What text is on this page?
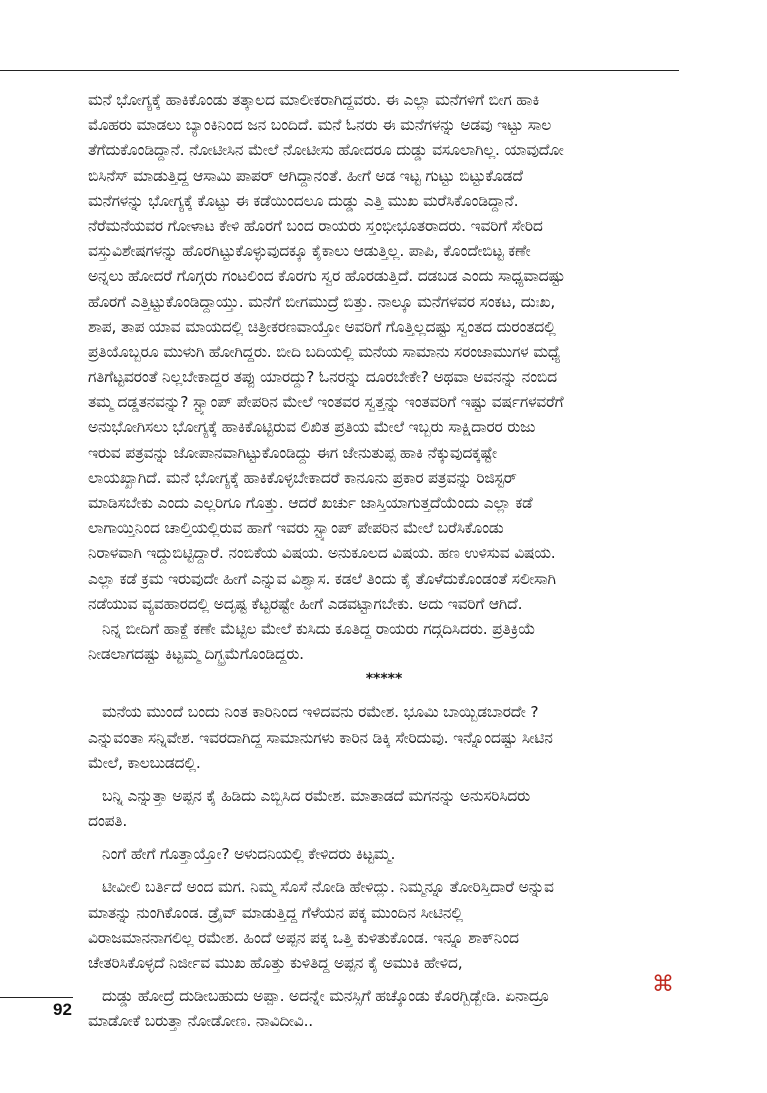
ಮನೆ ಭೋಗ್ಯಕ್ಕೆ ಹಾಕಿಕೊಂಡು ತತ್ಕಾಲದ ಮಾಲೀಕರಾಗಿದ್ದವರು. ಈ ಎಲ್ಲಾ ಮನೆಗಳಿಗೆ ಬೀಗ ಹಾಕಿ
ಮೊಹರು ಮಾಡಲು ಬ್ಯಾಂಕಿನಿಂದ ಜನ ಬಂದಿದೆ. ಮನೆ ಓನರು ಈ ಮನೆಗಳನ್ನು ಅಡವು ಇಟ್ಟು ಸಾಲ
ತೆಗೆದುಕೊಂಡಿದ್ದಾನೆ. ನೋಟೀಸಿನ ಮೇಲೆ ನೋಟೀಸು ಹೋದರೂ ದುಡ್ಡು ವಸೂಲಾಗಿಲ್ಲ. ಯಾವುದೋ
ಬಿಸಿನೆಸ್ ಮಾಡುತ್ತಿದ್ದ ಆಸಾಮಿ ಪಾಪರ್ ಆಗಿದ್ದಾನಂತೆ. ಹೀಗೆ ಅಡ ಇಟ್ಟ ಗುಟ್ಟು ಬಿಟ್ಟುಕೊಡದೆ
ಮನೆಗಳನ್ನು ಭೋಗ್ಯಕ್ಕೆ ಕೊಟ್ಟು ಈ ಕಡೆಯಿಂದಲೂ ದುಡ್ಡು ಎತ್ತಿ ಮುಖ ಮರೆಸಿಕೊಂಡಿದ್ದಾನೆ.
ನೆರೆಮನೆಯವರ ಗೋಳಾಟ ಕೇಳಿ ಹೊರಗೆ ಬಂದ ರಾಯರು ಸ್ತಂಭೀಭೂತರಾದರು. ಇವರಿಗೆ ಸೇರಿದ
ವಸ್ತುವಿಶೇಷಗಳನ್ನು ಹೊರಗಿಟ್ಟುಕೊಳ್ಳುವುದಕ್ಕೂ ಕೈಕಾಲು ಆಡುತ್ತಿಲ್ಲ. ಪಾಪಿ, ಕೊಂದೇಬಿಟ್ಟ ಕಣೇ
ಅನ್ನಲು ಹೋದರೆ ಗೊಗ್ಗರು ಗಂಟಲಿಂದ ಕೊರಗು ಸ್ವರ ಹೊರಡುತ್ತಿದೆ. ದಡಬಡ ಎಂದು ಸಾಧ್ಯವಾದಷ್ಟು
ಹೊರಗೆ ಎತ್ತಿಟ್ಟುಕೊಂಡಿದ್ದಾಯ್ತು. ಮನೆಗೆ ಬೀಗಮುದ್ರೆ ಬಿತ್ತು. ನಾಲ್ಕೂ ಮನೆಗಳವರ ಸಂಕಟ, ದುಃಖ,
ಶಾಪ, ತಾಪ ಯಾವ ಮಾಯದಲ್ಲಿ ಚಿತ್ರೀಕರಣವಾಯ್ತೋ ಅವರಿಗೆ ಗೊತ್ತಿಲ್ಲದಷ್ಟು ಸ್ವಂತದ ದುರಂತದಲ್ಲಿ
ಪ್ರತಿಯೊಬ್ಬರೂ ಮುಳುಗಿ ಹೋಗಿದ್ದರು. ಬೀದಿ ಬದಿಯಲ್ಲಿ ಮನೆಯ ಸಾಮಾನು ಸರಂಜಾಮುಗಳ ಮಧ್ಯೆ
ಗತಿಗೆಟ್ಟವರಂತೆ ನಿಲ್ಲಬೇಕಾದ್ದರ ತಪ್ಪು ಯಾರದ್ದು? ಓನರನ್ನು ದೂರಬೇಕೇ? ಅಥವಾ ಅವನನ್ನು ನಂಬಿದ
ತಮ್ಮ ದಡ್ಡತನವನ್ನು? ಸ್ಟ್ಯಾಂಪ್ ಪೇಪರಿನ ಮೇಲೆ ಇಂತವರ ಸ್ವತ್ತನ್ನು ಇಂತವರಿಗೆ ಇಷ್ಟು ವರ್ಷಗಳವರೆಗೆ
ಅನುಭೋಗಿಸಲು ಭೋಗ್ಯಕ್ಕೆ ಹಾಕಿಕೊಟ್ಟಿರುವ ಲಿಖಿತ ಪ್ರತಿಯ ಮೇಲೆ ಇಬ್ಬರು ಸಾಕ್ಷಿದಾರರ ರುಜು
ಇರುವ ಪತ್ರವನ್ನು ಜೋಪಾನವಾಗಿಟ್ಟುಕೊಂಡಿದ್ದು ಈಗ ಜೇನುತುಪ್ಪ ಹಾಕಿ ನೆಕ್ಕುವುದಕ್ಕಷ್ಟೇ
ಲಾಯಖ್ಖಾಗಿದೆ. ಮನೆ ಭೋಗ್ಯಕ್ಕೆ ಹಾಕಿಕೊಳ್ಳಬೇಕಾದರೆ ಕಾನೂನು ಪ್ರಕಾರ ಪತ್ರವನ್ನು ರಿಜಿಸ್ಟರ್
ಮಾಡಿಸಬೇಕು ಎಂದು ಎಲ್ಲರಿಗೂ ಗೊತ್ತು. ಆದರೆ ಖರ್ಚು ಜಾಸ್ತಿಯಾಗುತ್ತದೆಯೆಂದು ಎಲ್ಲಾ ಕಡೆ
ಲಾಗಾಯ್ತಿನಿಂದ ಚಾಲ್ತಿಯಲ್ಲಿರುವ ಹಾಗೆ ಇವರು ಸ್ಟ್ಯಾಂಪ್ ಪೇಪರಿನ ಮೇಲೆ ಬರೆಸಿಕೊಂಡು
ನಿರಾಳವಾಗಿ ಇದ್ದುಬಿಟ್ಟಿದ್ದಾರೆ. ನಂಬಿಕೆಯ ವಿಷಯ. ಅನುಕೂಲದ ವಿಷಯ. ಹಣ ಉಳಿಸುವ ವಿಷಯ.
ಎಲ್ಲಾ ಕಡೆ ಕ್ರಮ ಇರುವುದೇ ಹೀಗೆ ಎನ್ನುವ ವಿಶ್ವಾಸ. ಕಡಲೆ ತಿಂದು ಕೈ ತೊಳೆದುಕೊಂಡಂತೆ ಸಲೀಸಾಗಿ
ನಡೆಯುವ ವ್ಯವಹಾರದಲ್ಲಿ ಅದೃಷ್ಟ ಕೆಟ್ಟರಷ್ಟೇ ಹೀಗೆ ಎಡವಟ್ಟಾಗಬೇಕು. ಅದು ಇವರಿಗೆ ಆಗಿದೆ.
ನಿನ್ನ ಬೀದಿಗೆ ಹಾಕ್ದೆ ಕಣೇ ಮೆಟ್ಟಿಲ ಮೇಲೆ ಕುಸಿದು ಕೂತಿದ್ದ ರಾಯರು ಗದ್ಗದಿಸಿದರು. ಪ್ರತಿಕ್ರಿಯೆ
ನೀಡಲಾಗದಷ್ಟು ಕಿಟ್ಟಮ್ಮ ದಿಗ್ಭ್ರಮೆಗೊಂಡಿದ್ದರು.
*****
ಮನೆಯ ಮುಂದೆ ಬಂದು ನಿಂತ ಕಾರಿನಿಂದ ಇಳಿದವನು ರಮೇಶ. ಭೂಮಿ ಬಾಯ್ಬಿಡಬಾರದೇ ?
ಎನ್ನುವಂತಾ ಸನ್ನಿವೇಶ. ಇವರದಾಗಿದ್ದ ಸಾಮಾನುಗಳು ಕಾರಿನ ಡಿಕ್ಕಿ ಸೇರಿದುವು. ಇನ್ನೊಂದಷ್ಟು ಸೀಟಿನ
ಮೇಲೆ, ಕಾಲಬುಡದಲ್ಲಿ.
ಬನ್ನಿ ಎನ್ನುತ್ತಾ ಅಪ್ಪನ ಕೈ ಹಿಡಿದು ಎಬ್ಬಿಸಿದ ರಮೇಶ. ಮಾತಾಡದೆ ಮಗನನ್ನು ಅನುಸರಿಸಿದರು
ದಂಪತಿ.
ನಿಂಗೆ ಹೇಗೆ ಗೊತ್ತಾಯ್ತೋ? ಅಳುದನಿಯಲ್ಲಿ ಕೇಳಿದರು ಕಿಟ್ಟಮ್ಮ.
ಟೀವೀಲಿ ಬರ್ತಿದೆ ಅಂದ ಮಗ. ನಿಮ್ಮ ಸೊಸೆ ನೋಡಿ ಹೇಳಿದ್ಲು. ನಿಮ್ಮನ್ನೂ ತೋರಿಸ್ತಿದಾರೆ ಅನ್ನುವ
ಮಾತನ್ನು ನುಂಗಿಕೊಂಡ. ಡ್ರೈವ್ ಮಾಡುತ್ತಿದ್ದ ಗೆಳೆಯನ ಪಕ್ಕ ಮುಂದಿನ ಸೀಟಿನಲ್ಲಿ
ವಿರಾಜಮಾನನಾಗಲಿಲ್ಲ ರಮೇಶ. ಹಿಂದೆ ಅಪ್ಪನ ಪಕ್ಕ ಒತ್ತಿ ಕುಳಿತುಕೊಂಡ. ಇನ್ನೂ ಶಾಕ್‌ನಿಂದ
ಚೇತರಿಸಿಕೊಳ್ಳದೆ ನಿರ್ಜೀವ ಮುಖ ಹೊತ್ತು ಕುಳಿತಿದ್ದ ಅಪ್ಪನ ಕೈ ಅಮುಕಿ ಹೇಳಿದ,
ದುಡ್ಡು ಹೋದ್ರೆ ದುಡೀಬಹುದು ಅಪ್ಪಾ. ಅದನ್ನೇ ಮನಸ್ಸಿಗೆ ಹಚ್ಕೊಂಡು ಕೊರಗ್ಬಿಡ್ಬೇಡಿ. ಏನಾದ್ರೂ
ಮಾಡೋಕೆ ಬರುತ್ತಾ ನೋಡೋಣ. ನಾವಿದೀವಿ..
⌘
92
